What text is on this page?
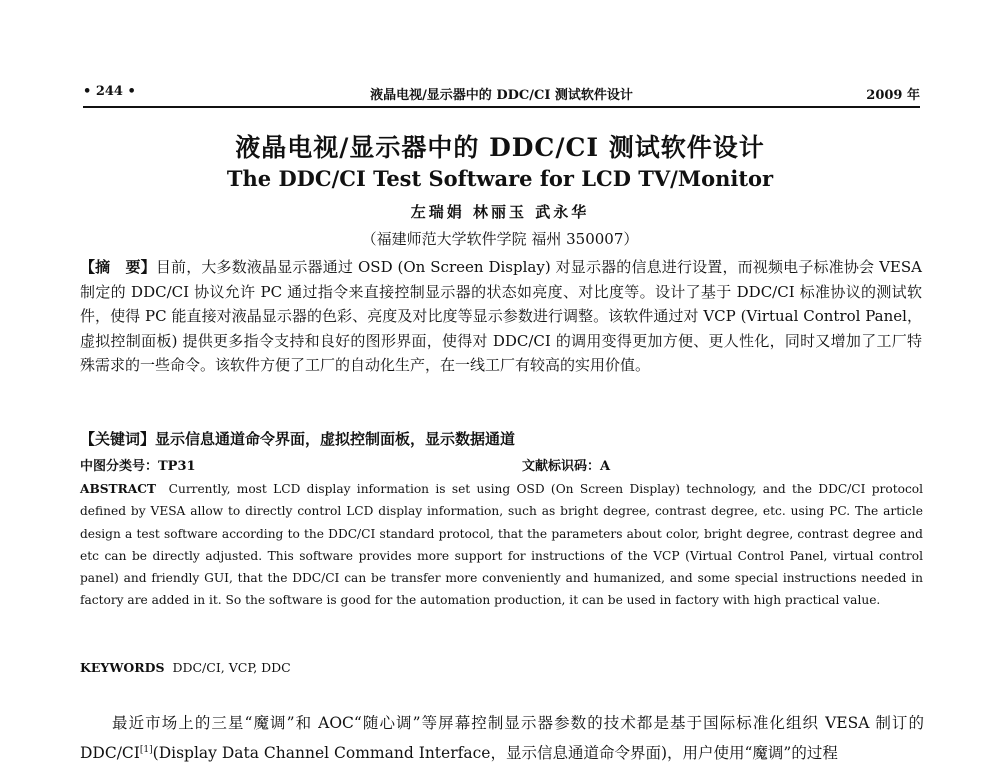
• 244 •	液晶电视/显示器中的 DDC/CI 测试软件设计	2009 年
液晶电视/显示器中的 DDC/CI 测试软件设计
The DDC/CI Test Software for LCD TV/Monitor
左瑞娟 林丽玉 武永华
（福建师范大学软件学院 福州 350007）

【摘　要】目前，大多数液晶显示器通过 OSD (On Screen Display) 对显示器的信息进行设置，而视频电子标准协会 VESA 制定的 DDC/CI 协议允许 PC 通过指令来直接控制显示器的状态如亮度、对比度等。设计了基于 DDC/CI 标准协议的测试软件，使得 PC 能直接对液晶显示器的色彩、亮度及对比度等显示参数进行调整。该软件通过对 VCP (Virtual Control Panel，虚拟控制面板) 提供更多指令支持和良好的图形界面，使得对 DDC/CI 的调用变得更加方便、更人性化，同时又增加了工厂特殊需求的一些命令。该软件方便了工厂的自动化生产，在一线工厂有较高的实用价值。

【关键词】显示信息通道命令界面，虚拟控制面板，显示数据通道
中图分类号：TP31	文献标识码：A

ABSTRACT Currently, most LCD display information is set using OSD (On Screen Display) technology, and the DDC/CI protocol defined by VESA allow to directly control LCD display information, such as bright degree, contrast degree, etc. using PC. The article design a test software according to the DDC/CI standard protocol, that the parameters about color, bright degree, contrast degree and etc can be directly adjusted. This software provides more support for instructions of the VCP (Virtual Control Panel, virtual control panel) and friendly GUI, that the DDC/CI can be transfer more conveniently and humanized, and some special instructions needed in factory are added in it. So the software is good for the automation production, it can be used in factory with high practical value.

KEYWORDS DDC/CI, VCP, DDC

最近市场上的三星“魔调”和 AOC“随心调”等屏幕控制显示器参数的技术都是基于国际标准化组织 VESA 制订的 DDC/CI[1](Display Data Channel Command Interface，显示信息通道命令界面)，用户使用“魔调”的过程
